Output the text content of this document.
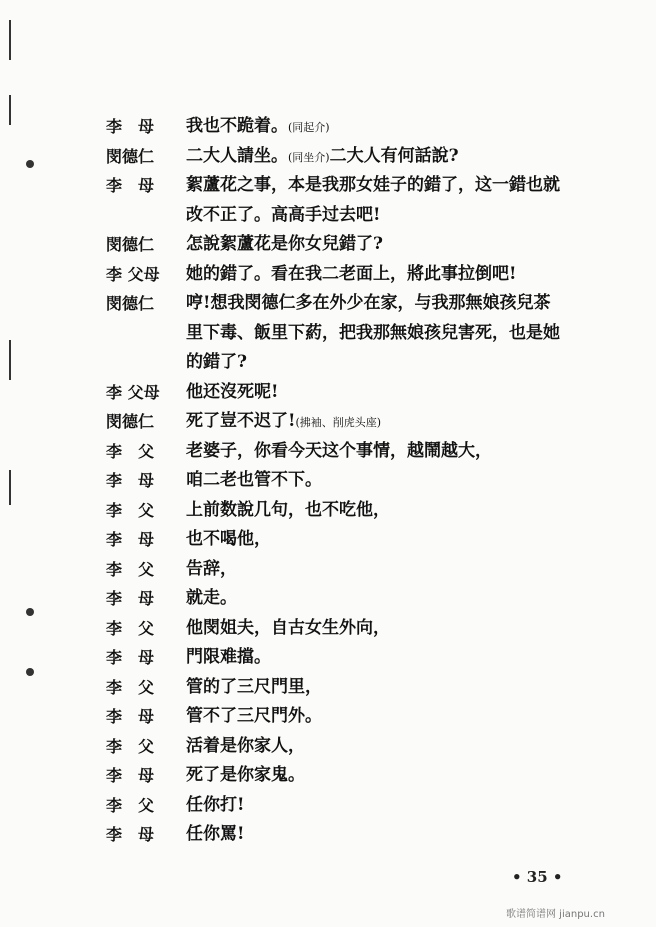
李　母	我也不跪着。(同起介)
閔德仁	二大人請坐。(同坐介)二大人有何話說?
李　母	絮蘆花之事，本是我那女娃子的錯了，这一錯也就
改不正了。高高手过去吧!
閔德仁	怎說絮蘆花是你女兒錯了?
李 父母	她的錯了。看在我二老面上，將此事拉倒吧!
閔德仁	哼!想我閔德仁多在外少在家，与我那無娘孩兒茶
里下毒、飯里下葯，把我那無娘孩兒害死，也是她
的錯了?
李 父母	他还沒死呢!
閔德仁	死了豈不迟了!(拂袖、削虎头座)
李　父	老婆子，你看今天这个事情，越鬧越大，
李　母	咱二老也管不下。
李　父	上前数說几句，也不吃他，
李　母	也不喝他，
李　父	告辞，
李　母	就走。
李　父	他閔姐夫，自古女生外向，
李　母	門限难擋。
李　父	管的了三尺門里，
李　母	管不了三尺門外。
李　父	活着是你家人，
李　母	死了是你家鬼。
李　父	任你打!
李　母	任你罵!
• 35 •
歌谱简谱网 jianpu.cn
